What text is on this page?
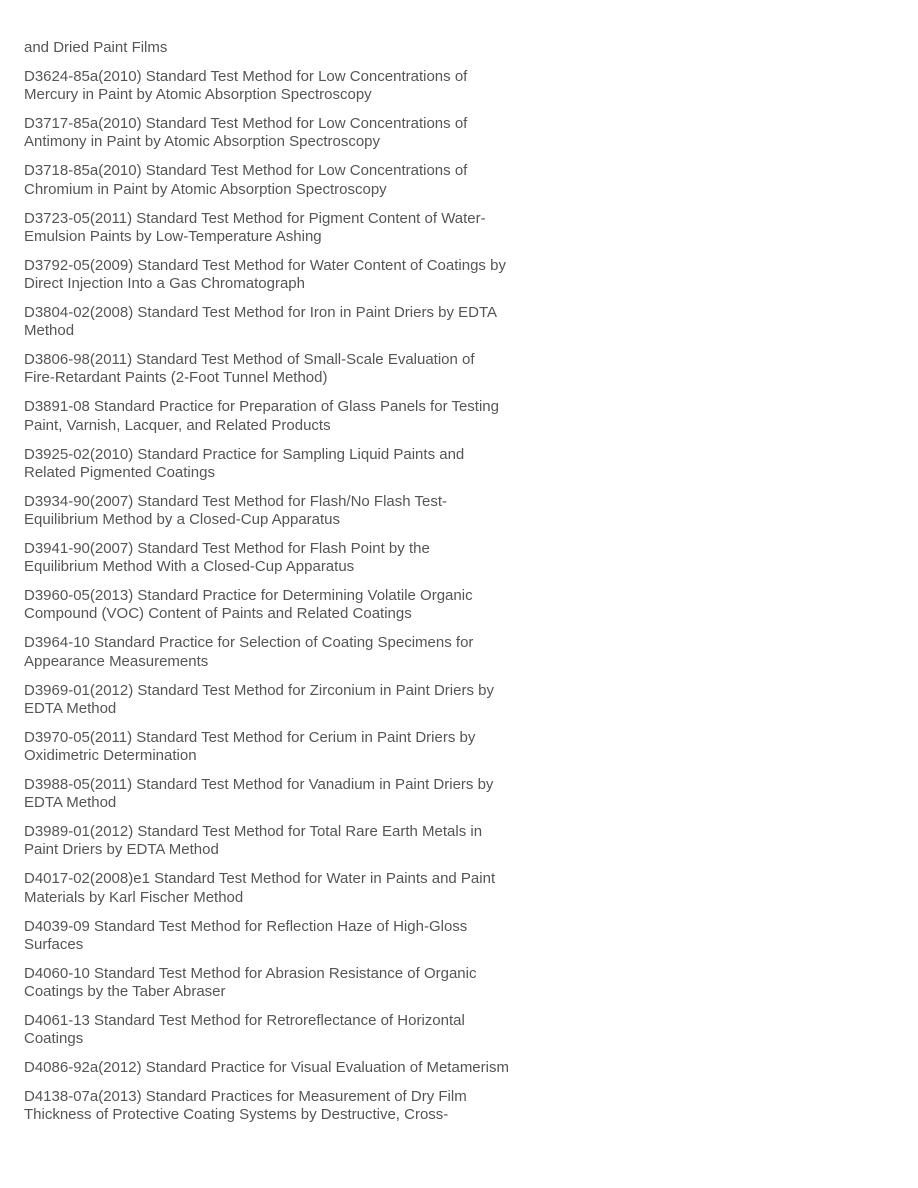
and Dried Paint Films
D3624-85a(2010) Standard Test Method for Low Concentrations of
Mercury in Paint by Atomic Absorption Spectroscopy
D3717-85a(2010) Standard Test Method for Low Concentrations of
Antimony in Paint by Atomic Absorption Spectroscopy
D3718-85a(2010) Standard Test Method for Low Concentrations of
Chromium in Paint by Atomic Absorption Spectroscopy
D3723-05(2011) Standard Test Method for Pigment Content of Water-
Emulsion Paints by Low-Temperature Ashing
D3792-05(2009) Standard Test Method for Water Content of Coatings by
Direct Injection Into a Gas Chromatograph
D3804-02(2008) Standard Test Method for Iron in Paint Driers by EDTA
Method
D3806-98(2011) Standard Test Method of Small-Scale Evaluation of
Fire-Retardant Paints (2-Foot Tunnel Method)
D3891-08 Standard Practice for Preparation of Glass Panels for Testing
Paint, Varnish, Lacquer, and Related Products
D3925-02(2010) Standard Practice for Sampling Liquid Paints and
Related Pigmented Coatings
D3934-90(2007) Standard Test Method for Flash/No Flash Test-
Equilibrium Method by a Closed-Cup Apparatus
D3941-90(2007) Standard Test Method for Flash Point by the
Equilibrium Method With a Closed-Cup Apparatus
D3960-05(2013) Standard Practice for Determining Volatile Organic
Compound (VOC) Content of Paints and Related Coatings
D3964-10 Standard Practice for Selection of Coating Specimens for
Appearance Measurements
D3969-01(2012) Standard Test Method for Zirconium in Paint Driers by
EDTA Method
D3970-05(2011) Standard Test Method for Cerium in Paint Driers by
Oxidimetric Determination
D3988-05(2011) Standard Test Method for Vanadium in Paint Driers by
EDTA Method
D3989-01(2012) Standard Test Method for Total Rare Earth Metals in
Paint Driers by EDTA Method
D4017-02(2008)e1 Standard Test Method for Water in Paints and Paint
Materials by Karl Fischer Method
D4039-09 Standard Test Method for Reflection Haze of High-Gloss
Surfaces
D4060-10 Standard Test Method for Abrasion Resistance of Organic
Coatings by the Taber Abraser
D4061-13 Standard Test Method for Retroreflectance of Horizontal
Coatings
D4086-92a(2012) Standard Practice for Visual Evaluation of Metamerism
D4138-07a(2013) Standard Practices for Measurement of Dry Film
Thickness of Protective Coating Systems by Destructive, Cross-
